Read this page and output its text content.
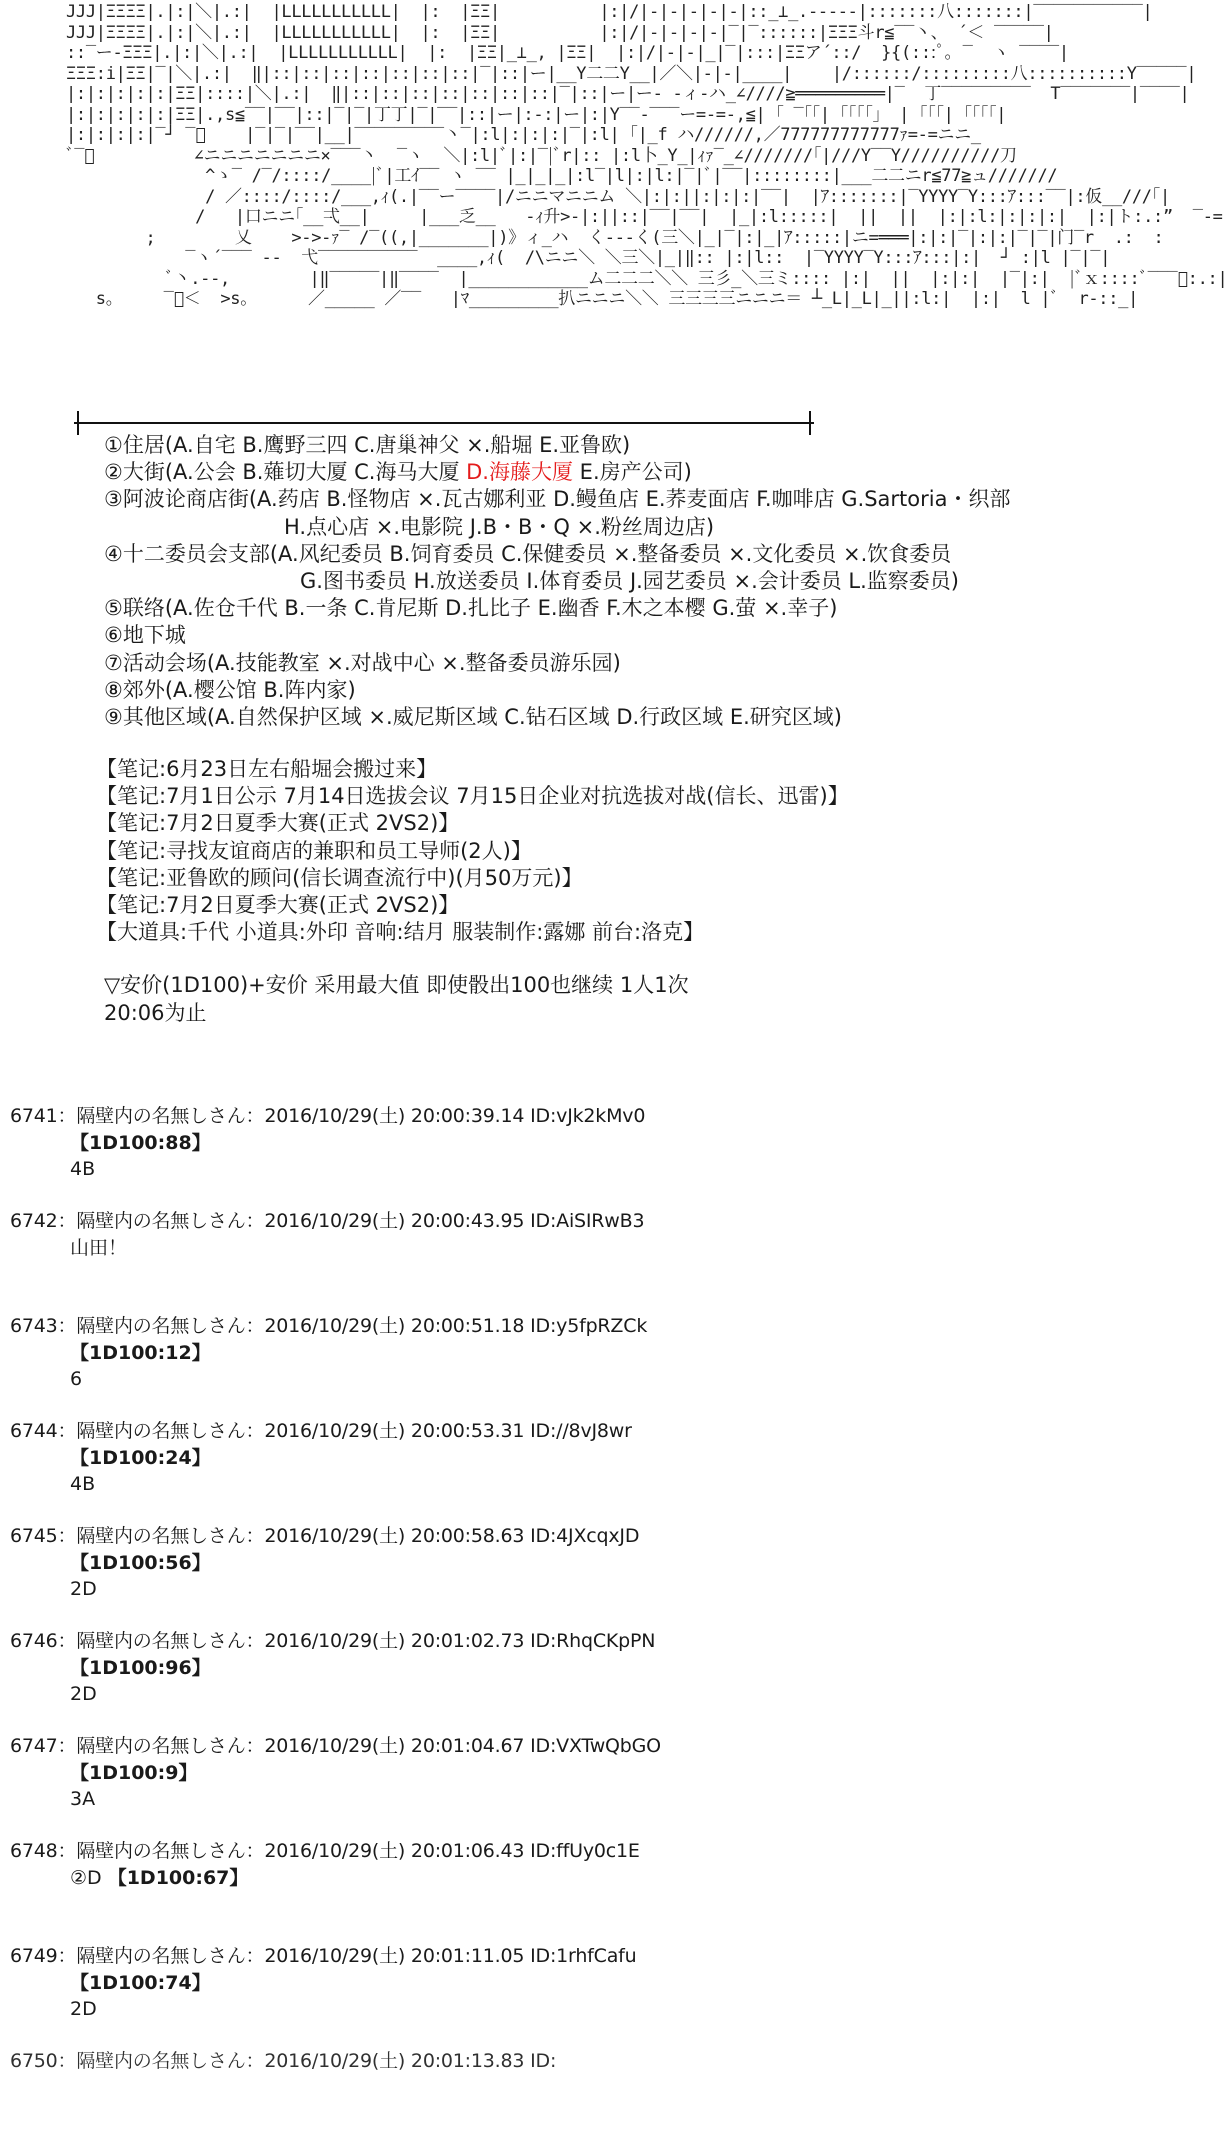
JJJ|ΞΞΞΞ|.|:|＼|.:|  |LLLLLLLLLLL|  |:  |ΞΞ|          |:|/|-|-|-|-|-|::_⊥_.-----|:::::::八:::::::|‾‾‾‾‾‾‾‾‾‾‾|
JJJ|ΞΞΞΞ|.|:|＼|.:|  |LLLLLLLLLLL|  |:  |ΞΞ|          |:|/|-|-|-|-|‾|‾::::::|ΞΞΞ斗r≦‾‾丶、 ´＜ ‾‾‾‾‾|
::‾ー-ΞΞΞ|.|:|＼|.:|  |LLLLLLLLLLL|  |:  |ΞΞ|_⊥_, |ΞΞ|  |:|/|-|-|_|‾|:::|ΞΞア´::/  }{(:::ﾟ｡ ‾  ヽ ‾‾‾‾|
ΞΞΞ:i|ΞΞ|‾|＼|.:|  ‖|::|::|::|::|::|::|::|‾|::|ー|__Y二二Y__|／＼|-|-|____|    |/::::::/:::::::::八::::::::::Y‾‾‾‾‾|
|:|:|:|:|:|ΞΞ|::::|＼|.:|  ‖|::|::|::|::|::|::|::|‾|::|ー|ー‐ ‐ィ-ハ_∠////≧═════════|‾  丁‾‾‾‾‾‾‾‾‾  T‾‾‾‾‾‾‾|‾‾‾‾|
|:|:|:|:|:|ΞΞ|.,s≦‾‾|‾‾|::|‾|‾|丁丁|‾|‾‾|::|ー|:-:|ー|:|Y‾‾-‾‾‾ー=‐=‐,≦| ｢ ‾｢｢| ｢｢｢｢」 | ｢｢｢| ｢｢｢｢|
|:|:|:|:|‾┘ ‾ﾞ    |‾|‾|‾‾|__|‾‾‾‾‾‾‾‾‾丶‾|:l|:|:|:|‾|:l| ｢|_f ハ//////,／777777777777ｧ=-=ニニ_
ﾞ‾ﾞ          ∠ニニニニニニニ×‾‾‾丶  ‾ヽ  ＼|:l|ﾞ|:|‾|ﾞr|:: |:l卜_Y_|ｨｧ‾_∠///////｢|///Y‾‾Y//////////刀
^ゝ‾ /‾/::::/____|ﾞ|工ｲ‾‾ ヽ ‾‾ |_|_|_|:l‾|l|:|l:|‾|ﾞ|‾‾|::::::::|___二二ニr≦77≧ュ///////
/ ／::::/::::/___,ｨ(.|‾‾ー‾‾‾‾|/ニニマニニム ＼|:|:||:|:|:|‾‾|  |ｱ:::::::|‾YYYY‾Y:::ｱ:::‾‾|:仮__///｢|
/   |口ニニ｢__弌__|     |___乏__   ‐ｨ升>‐|:||::|‾‾|‾‾|  |_|:l:::::|  ||  ||  |:|:l:|:|:|:|  |:|ト:.:”  ‾‐=
;        乂    >‐>‐ｧ‾ /‾((,|_______|)》ィ_ハ  く‐‐‐く(三＼|_|‾|:|_|ｱ:::::|ニ=═══|:|:|‾|:|:|‾|‾|门‾r  .:  :
‾ヽ´‾‾‾ ‐‐  弋‾‾‾‾‾‾‾‾‾‾  ____,ｨ(  /\ニニ＼ ＼三＼|_|‖:: |:|l::  |‾YYYY‾Y:::ｱ:::|:|  ┘ :|l |‾|‾|
ﾞ丶.‐‐,        |‖‾‾‾‾‾|‖‾‾‾‾  |____________ム二二二＼＼ 三彡_＼三ミ:::: |:|  ||  |:|:|  |‾|:|  |ﾞｘ::::ﾞ‾‾‾ﾞ:.:|
s｡     ‾ﾞ＜  >s｡      ／_____ ／‾‾   |ﾏ_________扒ニニニ＼＼ 三三三三ニニニ＝ ┴_L|_L|_||:l:|  |:|  l |ﾞ  r‐::_|
①住居(A.自宅 B.鹰野三四 C.唐巢神父 ×.船堀 E.亚鲁欧)
②大街(A.公会 B.薙切大厦 C.海马大厦 D.海藤大厦 E.房产公司)
③阿波论商店街(A.药店 B.怪物店 ×.瓦古娜利亚 D.鳗鱼店 E.荞麦面店 F.咖啡店 G.Sartoria・织部
H.点心店 ×.电影院 J.B・B・Q ×.粉丝周边店)
④十二委员会支部(A.风纪委员 B.饲育委员 C.保健委员 ×.整备委员 ×.文化委员 ×.饮食委员
G.图书委员 H.放送委员 I.体育委员 J.园艺委员 ×.会计委员 L.监察委员)
⑤联络(A.佐仓千代 B.一条 C.肯尼斯 D.扎比子 E.幽香 F.木之本樱 G.萤 ×.幸子)
⑥地下城
⑦活动会场(A.技能教室 ×.对战中心 ×.整备委员游乐园)
⑧郊外(A.樱公馆 B.阵内家)
⑨其他区域(A.自然保护区域 ×.威尼斯区域 C.钻石区域 D.行政区域 E.研究区域)
【笔记:6月23日左右船堀会搬过来】
【笔记:7月1日公示 7月14日选拔会议 7月15日企业对抗选拔对战(信长、迅雷)】
【笔记:7月2日夏季大赛(正式 2VS2)】
【笔记:寻找友谊商店的兼职和员工导师(2人)】
【笔记:亚鲁欧的顾问(信长调查流行中)(月50万元)】
【笔记:7月2日夏季大赛(正式 2VS2)】
【大道具:千代 小道具:外印 音响:结月 服装制作:露娜 前台:洛克】
▽安价(1D100)+安价 采用最大值 即使骰出100也继续 1人1次
20:06为止
6741：隔壁内の名無しさん：2016/10/29(土) 20:00:39.14 ID:vJk2kMv0
【1D100:88】
4B
6742：隔壁内の名無しさん：2016/10/29(土) 20:00:43.95 ID:AiSIRwB3
山田！
6743：隔壁内の名無しさん：2016/10/29(土) 20:00:51.18 ID:y5fpRZCk
【1D100:12】
6
6744：隔壁内の名無しさん：2016/10/29(土) 20:00:53.31 ID://8vJ8wr
【1D100:24】
4B
6745：隔壁内の名無しさん：2016/10/29(土) 20:00:58.63 ID:4JXcqxJD
【1D100:56】
2D
6746：隔壁内の名無しさん：2016/10/29(土) 20:01:02.73 ID:RhqCKpPN
【1D100:96】
2D
6747：隔壁内の名無しさん：2016/10/29(土) 20:01:04.67 ID:VXTwQbGO
【1D100:9】
3A
6748：隔壁内の名無しさん：2016/10/29(土) 20:01:06.43 ID:ffUy0c1E
②D 【1D100:67】
6749：隔壁内の名無しさん：2016/10/29(土) 20:01:11.05 ID:1rhfCafu
【1D100:74】
2D
6750：隔壁内の名無しさん：2016/10/29(土) 20:01:13.83 ID:
